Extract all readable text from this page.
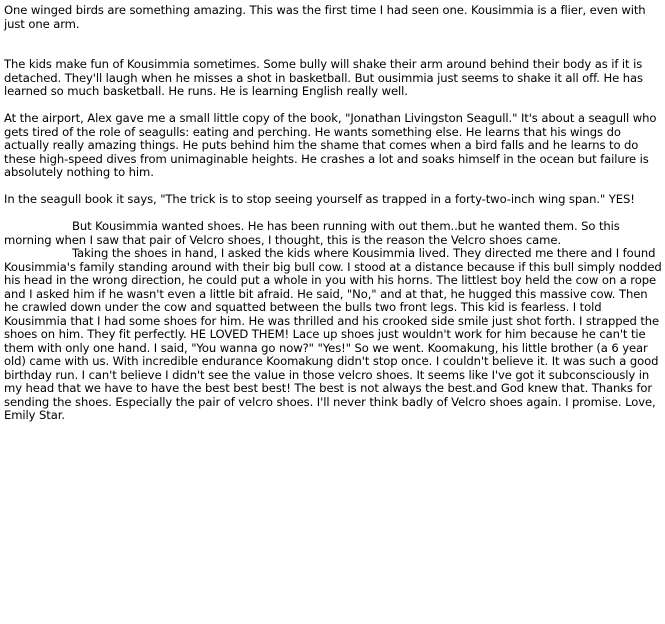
One winged birds are something amazing. This was the first time I had seen one. Kousimmia is a flier, even with just one arm.

The kids make fun of Kousimmia sometimes. Some bully will shake their arm around behind their body as if it is detached. They'll laugh when he misses a shot in basketball. But ousimmia just seems to shake it all off. He has learned so much basketball. He runs. He is learning English really well.

At the airport, Alex gave me a small little copy of the book, "Jonathan Livingston Seagull." It's about a seagull who gets tired of the role of seagulls: eating and perching. He wants something else. He learns that his wings do actually really amazing things. He puts behind him the shame that comes when a bird falls and he learns to do these high-speed dives from unimaginable heights. He crashes a lot and soaks himself in the ocean but failure is absolutely nothing to him.

In the seagull book it says, "The trick is to stop seeing yourself as trapped in a forty-two-inch wing span." YES!

But Kousimmia wanted shoes. He has been running with out them..but he wanted them. So this morning when I saw that pair of Velcro shoes, I thought, this is the reason the Velcro shoes came.

Taking the shoes in hand, I asked the kids where Kousimmia lived. They directed me there and I found Kousimmia's family standing around with their big bull cow. I stood at a distance because if this bull simply nodded his head in the wrong direction, he could put a whole in you with his horns. The littlest boy held the cow on a rope and I asked him if he wasn't even a little bit afraid. He said, "No," and at that, he hugged this massive cow. Then he crawled down under the cow and squatted between the bulls two front legs. This kid is fearless. I told Kousimmia that I had some shoes for him. He was thrilled and his crooked side smile just shot forth. I strapped the shoes on him. They fit perfectly. HE LOVED THEM! Lace up shoes just wouldn't work for him because he can't tie them with only one hand. I said, "You wanna go now?" "Yes!" So we went. Koomakung, his little brother (a 6 year old) came with us. With incredible endurance Koomakung didn't stop once. I couldn't believe it. It was such a good birthday run. I can't believe I didn't see the value in those velcro shoes. It seems like I've got it subconsciously in my head that we have to have the best best best! The best is not always the best.and God knew that. Thanks for sending the shoes. Especially the pair of velcro shoes. I'll never think badly of Velcro shoes again. I promise. Love, Emily Star.
